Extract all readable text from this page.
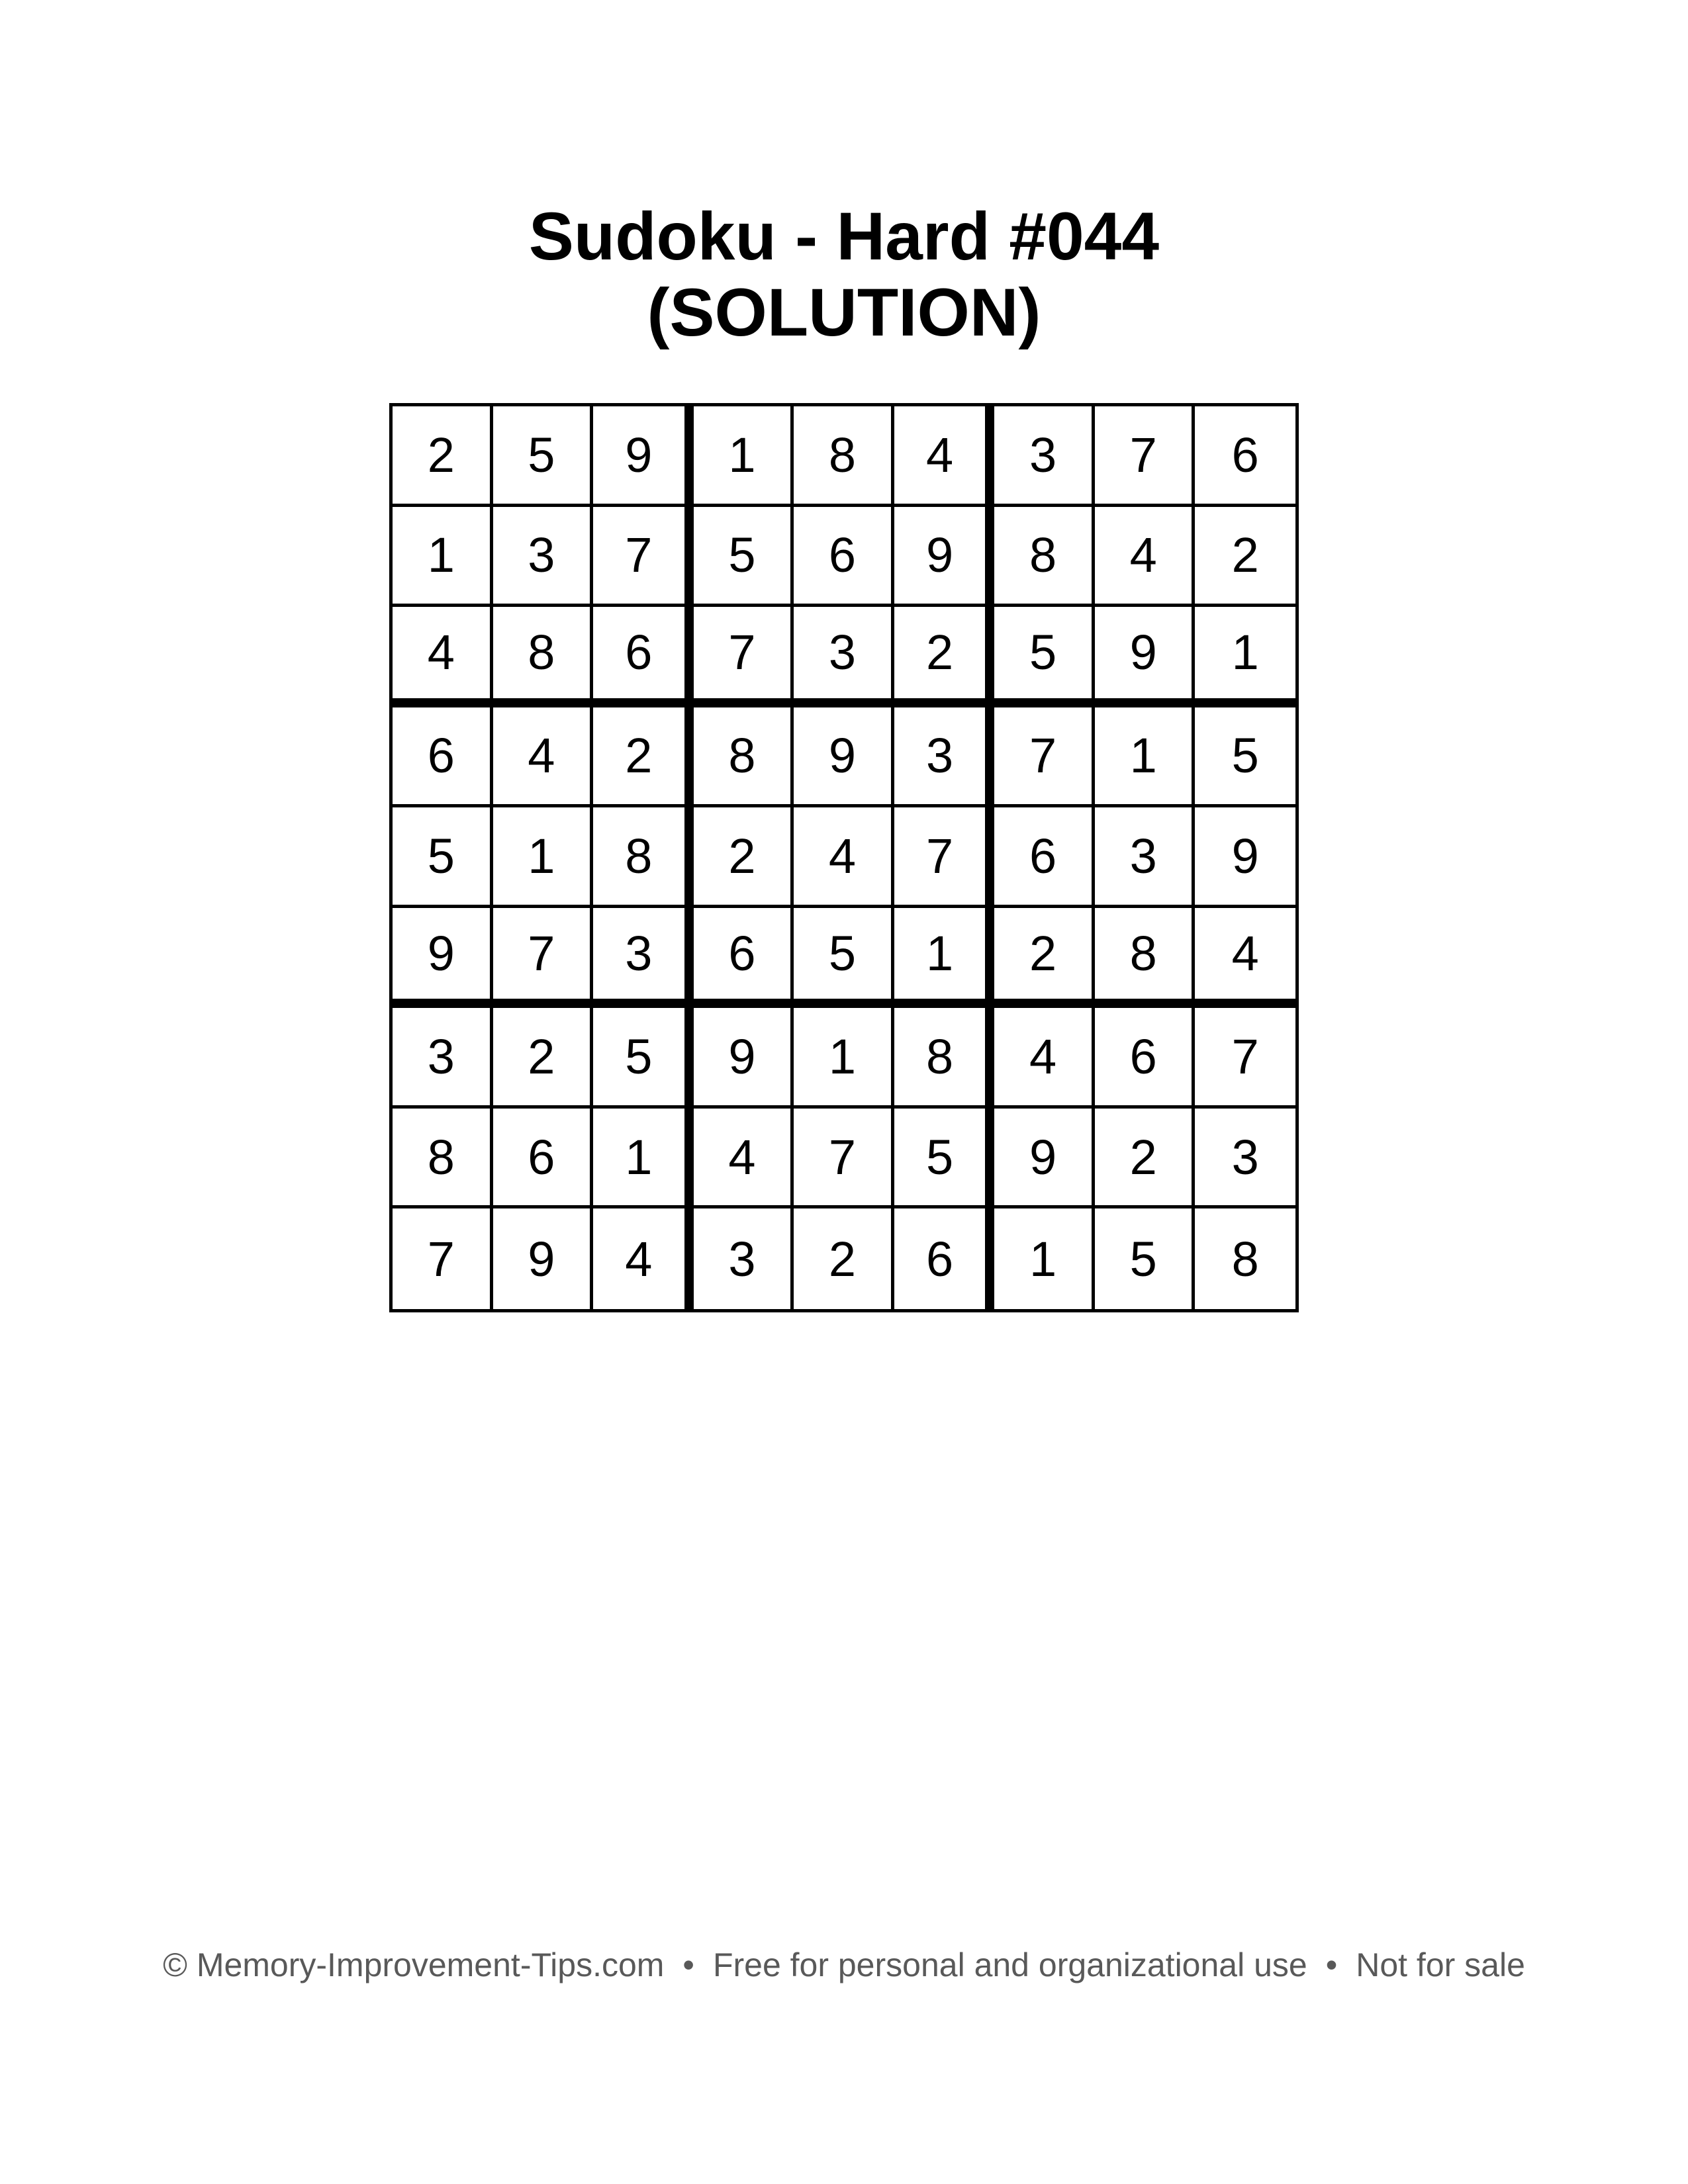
Sudoku - Hard #044
(SOLUTION)
2	5	9	1	8	4	3	7	6
1	3	7	5	6	9	8	4	2
4	8	6	7	3	2	5	9	1
6	4	2	8	9	3	7	1	5
5	1	8	2	4	7	6	3	9
9	7	3	6	5	1	2	8	4
3	2	5	9	1	8	4	6	7
8	6	1	4	7	5	9	2	3
7	9	4	3	2	6	1	5	8
© Memory-Improvement-Tips.com • Free for personal and organizational use • Not for sale
